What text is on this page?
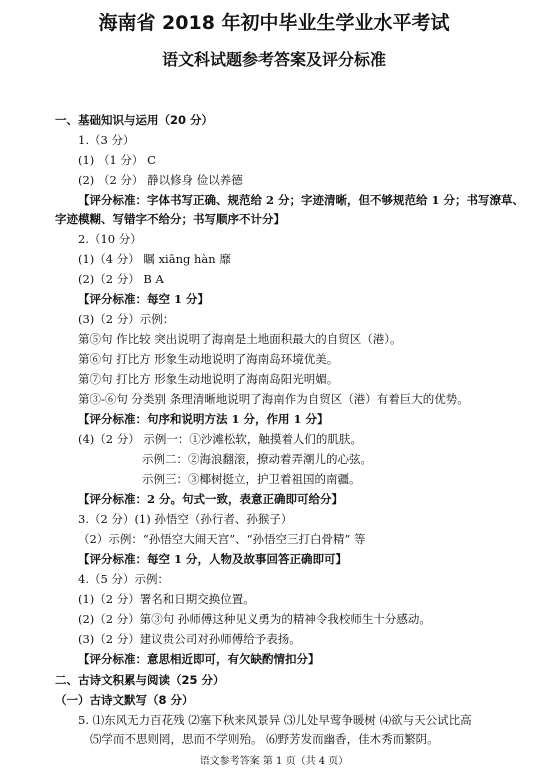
海南省 2018 年初中毕业生学业水平考试
语文科试题参考答案及评分标准
一、基础知识与运用（20 分）
1.（3 分）
(1) （1 分） C
(2) （2 分） 静以修身 俭以养德
【评分标准：字体书写正确、规范给 2 分；字迹清晰，但不够规范给 1 分；书写潦草、
字迹模糊、写错字不给分；书写顺序不计分】
2.（10 分）
(1)（4 分） 瞩 xiāng hàn 靡
(2)（2 分） B A
【评分标准：每空 1 分】
(3)（2 分）示例：
第⑤句 作比较 突出说明了海南是土地面积最大的自贸区（港）。
第⑥句 打比方 形象生动地说明了海南岛环境优美。
第⑦句 打比方 形象生动地说明了海南岛阳光明媚。
第③-⑥句 分类别 条理清晰地说明了海南作为自贸区（港）有着巨大的优势。
【评分标准：句序和说明方法 1 分，作用 1 分】
(4)（2 分） 示例一：①沙滩松软，触摸着人们的肌肤。
示例二：②海浪翻滚，撩动着弄潮儿的心弦。
示例三：③椰树挺立，护卫着祖国的南疆。
【评分标准：2 分。句式一致，表意正确即可给分】
3.（2 分）(1) 孙悟空（孙行者、孙猴子）
（2）示例：“孙悟空大闹天宫”、“孙悟空三打白骨精” 等
【评分标准：每空 1 分，人物及故事回答正确即可】
4.（5 分）示例：
(1)（2 分）署名和日期交换位置。
(2)（2 分）第③句 孙师傅这种见义勇为的精神令我校师生十分感动。
(3)（2 分）建议贵公司对孙师傅给予表扬。
【评分标准：意思相近即可，有欠缺酌情扣分】
二、古诗文积累与阅读（25 分）
（一）古诗文默写（8 分）
5. ⑴东风无力百花残 ⑵塞下秋来风景异 ⑶儿处早莺争暖树 ⑷欲与天公试比高
⑸学而不思则罔，思而不学则殆。 ⑹野芳发而幽香，佳木秀而繁阴。
语文参考答案 第 1 页（共 4 页）
